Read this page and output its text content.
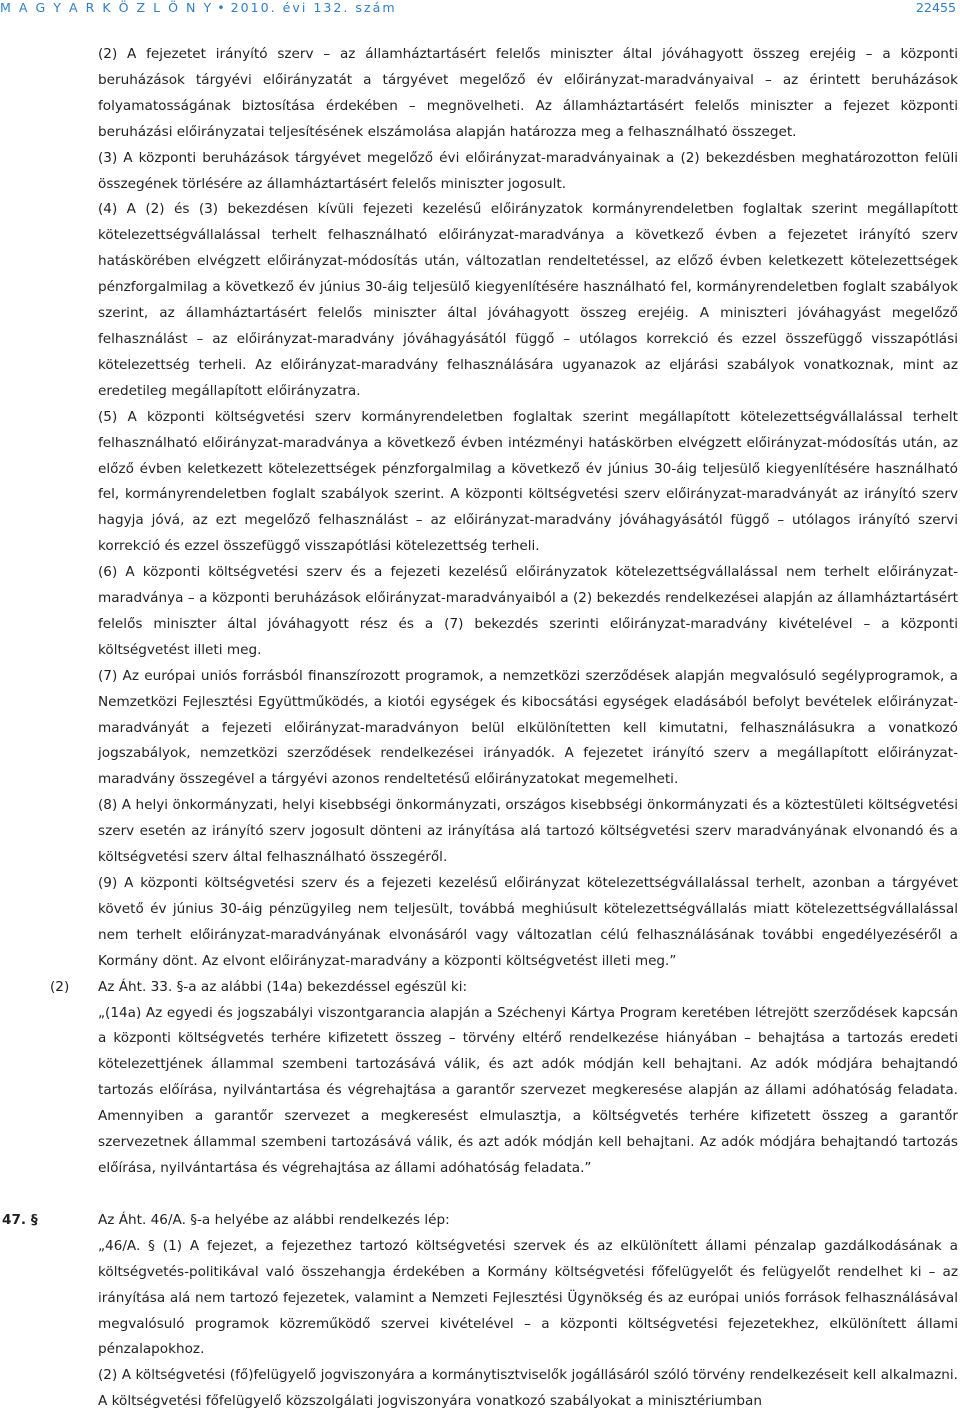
M A G Y A R K Ö Z L Ö N Y • 2010. évi 132. szám	22455

(2) A fejezetet irányító szerv – az államháztartásért felelős miniszter által jóváhagyott összeg erejéig – a központi beruházások tárgyévi előirányzatát a tárgyévet megelőző év előirányzat-maradványaival – az érintett beruházások folyamatosságának biztosítása érdekében – megnövelheti. Az államháztartásért felelős miniszter a fejezet központi beruházási előirányzatai teljesítésének elszámolása alapján határozza meg a felhasználható összeget.

(3) A központi beruházások tárgyévet megelőző évi előirányzat-maradványainak a (2) bekezdésben meghatározotton felüli összegének törlésére az államháztartásért felelős miniszter jogosult.

(4) A (2) és (3) bekezdésen kívüli fejezeti kezelésű előirányzatok kormányrendeletben foglaltak szerint megállapított kötelezettségvállalással terhelt felhasználható előirányzat-maradványa a következő évben a fejezetet irányító szerv hatáskörében elvégzett előirányzat-módosítás után, változatlan rendeltetéssel, az előző évben keletkezett kötelezettségek pénzforgalmilag a következő év június 30-áig teljesülő kiegyenlítésére használható fel, kormányrendeletben foglalt szabályok szerint, az államháztartásért felelős miniszter által jóváhagyott összeg erejéig. A miniszteri jóváhagyást megelőző felhasználást – az előirányzat-maradvány jóváhagyásától függő – utólagos korrekció és ezzel összefüggő visszapótlási kötelezettség terheli. Az előirányzat-maradvány felhasználására ugyanazok az eljárási szabályok vonatkoznak, mint az eredetileg megállapított előirányzatra.

(5) A központi költségvetési szerv kormányrendeletben foglaltak szerint megállapított kötelezettségvállalással terhelt felhasználható előirányzat-maradványa a következő évben intézményi hatáskörben elvégzett előirányzat-módosítás után, az előző évben keletkezett kötelezettségek pénzforgalmilag a következő év június 30-áig teljesülő kiegyenlítésére használható fel, kormányrendeletben foglalt szabályok szerint. A központi költségvetési szerv előirányzat-maradványát az irányító szerv hagyja jóvá, az ezt megelőző felhasználást – az előirányzat-maradvány jóváhagyásától függő – utólagos irányító szervi korrekció és ezzel összefüggő visszapótlási kötelezettség terheli.

(6) A központi költségvetési szerv és a fejezeti kezelésű előirányzatok kötelezettségvállalással nem terhelt előirányzat-maradványa – a központi beruházások előirányzat-maradványaiból a (2) bekezdés rendelkezései alapján az államháztartásért felelős miniszter által jóváhagyott rész és a (7) bekezdés szerinti előirányzat-maradvány kivételével – a központi költségvetést illeti meg.

(7) Az európai uniós forrásból finanszírozott programok, a nemzetközi szerződések alapján megvalósuló segélyprogramok, a Nemzetközi Fejlesztési Együttműködés, a kiotói egységek és kibocsátási egységek eladásából befolyt bevételek előirányzat-maradványát a fejezeti előirányzat-maradványon belül elkülönítetten kell kimutatni, felhasználásukra a vonatkozó jogszabályok, nemzetközi szerződések rendelkezései irányadók. A fejezetet irányító szerv a megállapított előirányzat-maradvány összegével a tárgyévi azonos rendeltetésű előirányzatokat megemelheti.

(8) A helyi önkormányzati, helyi kisebbségi önkormányzati, országos kisebbségi önkormányzati és a köztestületi költségvetési szerv esetén az irányító szerv jogosult dönteni az irányítása alá tartozó költségvetési szerv maradványának elvonandó és a költségvetési szerv által felhasználható összegéről.

(9) A központi költségvetési szerv és a fejezeti kezelésű előirányzat kötelezettségvállalással terhelt, azonban a tárgyévet követő év június 30-áig pénzügyileg nem teljesült, továbbá meghiúsult kötelezettségvállalás miatt kötelezettségvállalással nem terhelt előirányzat-maradványának elvonásáról vagy változatlan célú felhasználásának további engedélyezéséről a Kormány dönt. Az elvont előirányzat-maradvány a központi költségvetést illeti meg.”

(2) Az Áht. 33. §-a az alábbi (14a) bekezdéssel egészül ki:

„(14a) Az egyedi és jogszabályi viszontgarancia alapján a Széchenyi Kártya Program keretében létrejött szerződések kapcsán a központi költségvetés terhére kifizetett összeg – törvény eltérő rendelkezése hiányában – behajtása a tartozás eredeti kötelezettjének állammal szembeni tartozásává válik, és azt adók módján kell behajtani. Az adók módjára behajtandó tartozás előírása, nyilvántartása és végrehajtása a garantőr szervezet megkeresése alapján az állami adóhatóság feladata. Amennyiben a garantőr szervezet a megkeresést elmulasztja, a költségvetés terhére kifizetett összeg a garantőr szervezetnek állammal szembeni tartozásává válik, és azt adók módján kell behajtani. Az adók módjára behajtandó tartozás előírása, nyilvántartása és végrehajtása az állami adóhatóság feladata.”

47. §	Az Áht. 46/A. §-a helyébe az alábbi rendelkezés lép:

„46/A. § (1) A fejezet, a fejezethez tartozó költségvetési szervek és az elkülönített állami pénzalap gazdálkodásának a költségvetés-politikával való összehangja érdekében a Kormány költségvetési főfelügyelőt és felügyelőt rendelhet ki – az irányítása alá nem tartozó fejezetek, valamint a Nemzeti Fejlesztési Ügynökség és az európai uniós források felhasználásával megvalósuló programok közreműködő szervei kivételével – a központi költségvetési fejezetekhez, elkülönített állami pénzalapokhoz.

(2) A költségvetési (fő)felügyelő jogviszonyára a kormánytisztviselők jogállásáról szóló törvény rendelkezéseit kell alkalmazni. A költségvetési főfelügyelő közszolgálati jogviszonyára vonatkozó szabályokat a minisztériumban
